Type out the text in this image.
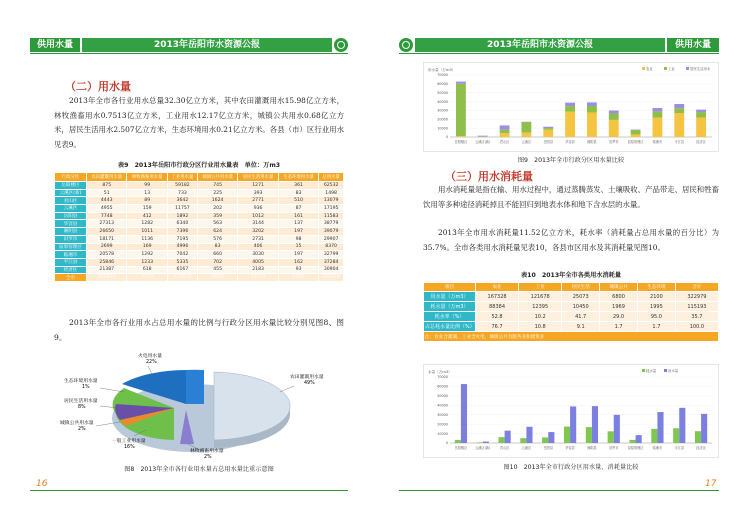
供用水量	2013年岳阳市水资源公报
（二）用水量
2013年全市各行业用水总量32.30亿立方米，其中农田灌溉用水15.98亿立方米，林牧渔畜用水0.7513亿立方米，工业用水12.17亿立方米，城镇公共用水0.68亿立方米，居民生活用水2.507亿立方米，生态环境用水0.21亿立方米。各县（市）区行业用水见表9。
表9　2013年岳阳市行政分区行业用水量表　单位：万m3
行政分区	农田灌溉用水量	林牧渔畜用水量	工业用水量	城镇公共用水量	居民生活用水量	生态环境用水量	总用水量
岳阳楼区	875	99	59182	745	1271	361	62532
云溪区(新)	51	13	733	225	393	83	1498
君山区	4443	89	3642	1624	2771	510	13079
云溪区	4955	159	11757	202	936	87	17195
岳阳县	7748	412	1892	359	1012	161	11583
华容县	27313	1282	6340	563	3144	137	38779
湘阴县	26650	1011	7396	624	3202	197	39079
汨罗市	18171	1136	7195	576	2731	98	29907
屈原管理区	2699	169	4996	83	406	15	8370
临湘市	20578	1292	7042	660	3030	197	32799
平江县	25846	1233	5335	702	4005	162	37284
经济区	21387	618	6167	455	2183	93	30904
全市	159813	7513	121678	6800	25073	2100	322979
2013年全市各行业用水占总用水量的比例与行政分区用水量比较分别见图8、图9。
火电用水量
22%
生态环境用水量
1%
居民生活用水量
8%
城镇公共用水量
2%
一般工业用水量
16%
林牧渔畜用水量
2%
农田灌溉用水量
49%
图8　2013年全市各行业用水量占总用水量比重示意图
16
2013年岳阳市水资源公报	供用水量
用水量（万m3）
70000
60000
50000
40000
30000
20000
10000
0
农业	工业	居民生活用水
岳阳楼区 云溪区(新)	君山区	云溪区	岳阳县	华容县	湘阴县	汨罗市	屈原管理区	临湘市	平江县	经济区
图9　2013年全市行政分区用水量比较
（三）用水消耗量
用水消耗量是指在输、用水过程中，通过蒸腾蒸发、土壤吸收、产品带走、居民和牲畜饮用等多种途径消耗掉且不能回归到地表水体和地下含水层的水量。
2013年全市用水消耗量11.52亿立方米，耗水率（消耗量占总用水量的百分比）为35.7%。全市各类用水消耗量见表10，各县市区用水及其消耗量见图10。
表10　2013年全市各类用水消耗量
项目	农业	工业	居民生活	城镇公共	生态环境	合计
用水量（万m3）	167328	121678	25073	6800	2100	322979
耗水量（万m3）	88384	12395	10450	1969	1995	115193
耗水率（%）	52.8	10.2	41.7	29.0	95.0	35.7
占总耗水量比例（%）	76.7	10.8	9.1	1.7	1.7	100.0
注：农业含灌溉、工业含火电，城镇公共为服务业和建筑业						
水量（万m3）
70000
60000
50000
40000
30000
20000
10000
0
耗水量	用水量
岳阳楼区 云溪区(新)	君山区	云溪区	岳阳县	华容县	湘阴县	汨罗市	屈原管理区	临湘市	平江县	经济区
图10　2013年全市行政分区用水量、消耗量比较
17
